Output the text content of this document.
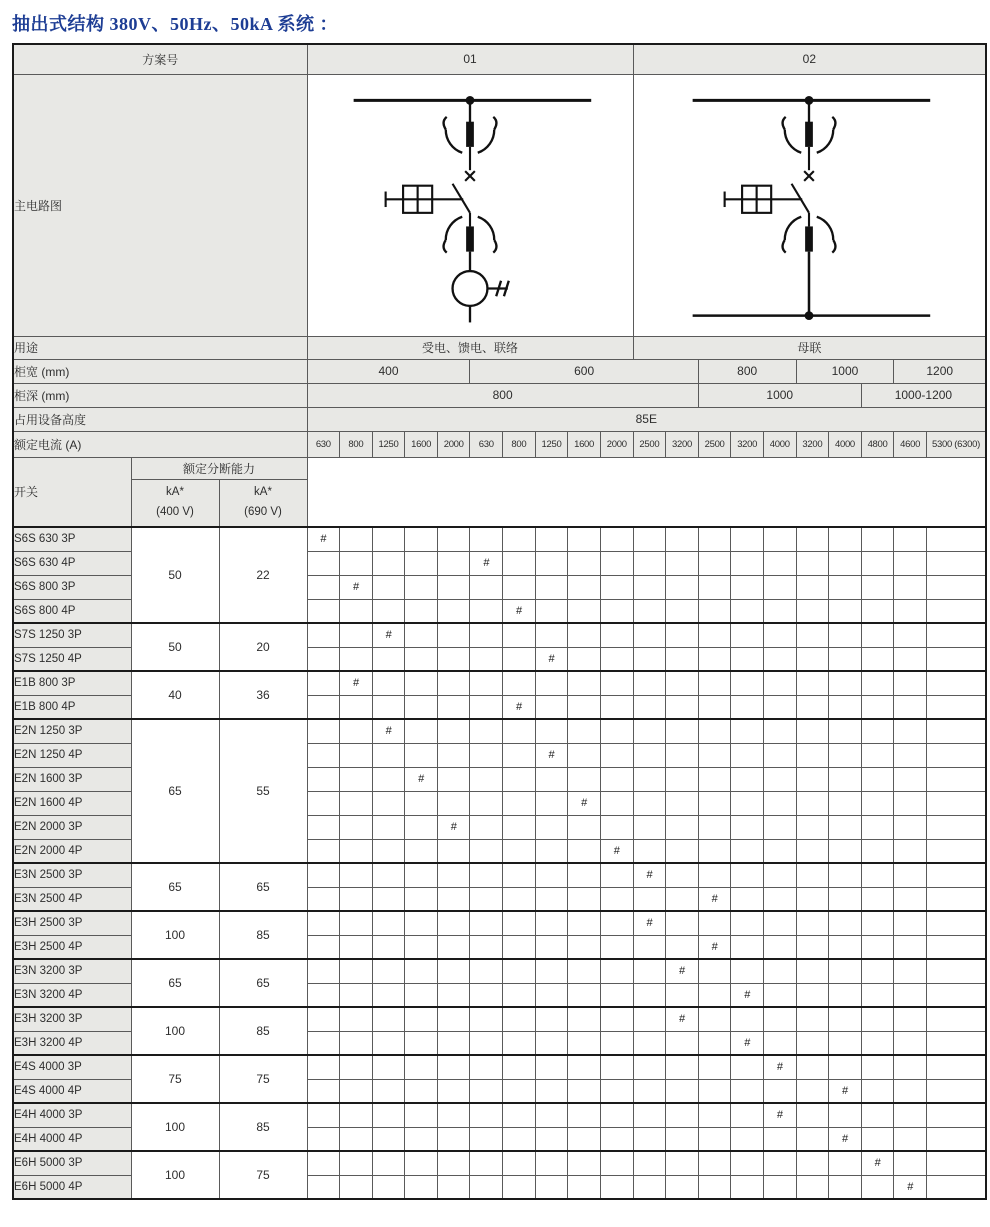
抽出式结构 380V、50Hz、50kA 系统 ：
方案号			01										02									
主电路图	

用途			受电、馈电、联络										母联									
柜宽 (mm)			400					600							800			1000			1200	
柜深 (mm)			800												1000					1000-1200		
占用设备高度			85E																			
额定电流 (A)			630	800	1250	1600	2000	630	800	1250	1600	2000	2500	3200	2500	3200	4000	3200	4000	4800	4600	5300 (6300)
开关	额定分断能力																					

kA*
(400 V)

kA*
(690 V)

S6S 630 3P	50	22	#																			
S6S 630 4P								#														
S6S 800 3P				#																		
S6S 800 4P									#													
S7S 1250 3P	50	20			#																	
S7S 1250 4P										#												
E1B 800 3P	40	36		#																		
E1B 800 4P									#													
E2N 1250 3P	65	55			#																	
E2N 1250 4P										#												
E2N 1600 3P						#																
E2N 1600 4P											#											
E2N 2000 3P							#															
E2N 2000 4P												#										
E3N 2500 3P	65	65											#									
E3N 2500 4P															#							
E3H 2500 3P	100	85											#									
E3H 2500 4P															#							
E3N 3200 3P	65	65												#								
E3N 3200 4P																#						
E3H 3200 3P	100	85												#								
E3H 3200 4P																#						
E4S 4000 3P	75	75															#					
E4S 4000 4P																			#			
E4H 4000 3P	100	85															#					
E4H 4000 4P																			#			
E6H 5000 3P	100	75																		#		
E6H 5000 4P																					#	
